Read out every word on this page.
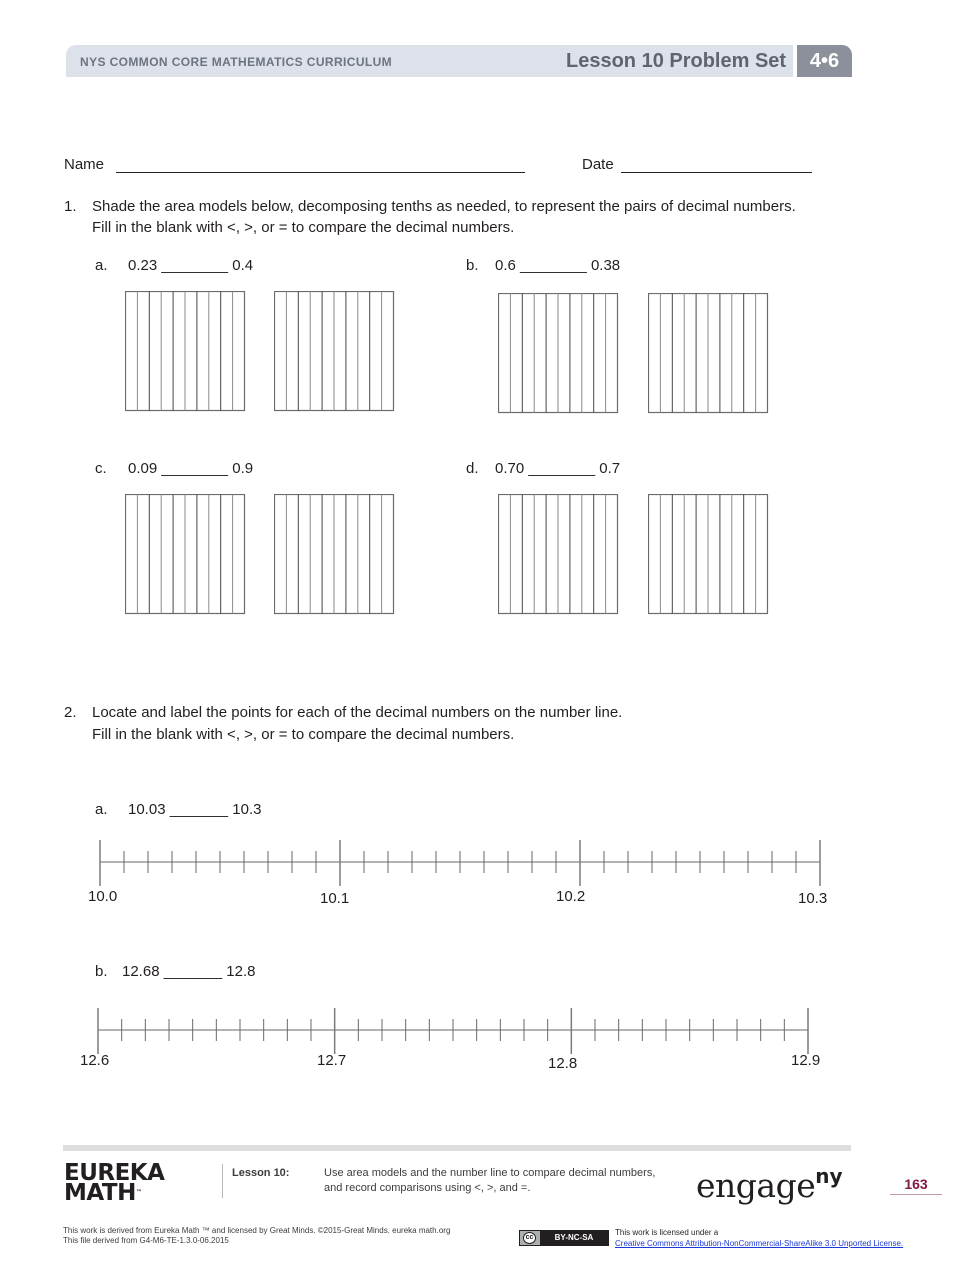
NYS COMMON CORE MATHEMATICS CURRICULUM	Lesson 10 Problem Set	4•6
Name	Date
1. Shade the area models below, decomposing tenths as needed, to represent the pairs of decimal numbers.
Fill in the blank with <, >, or = to compare the decimal numbers.
a. 0.23 ________ 0.4	b. 0.6 ________ 0.38
c. 0.09 ________ 0.9	d. 0.70 ________ 0.7
2. Locate and label the points for each of the decimal numbers on the number line.
Fill in the blank with <, >, or = to compare the decimal numbers.
a. 10.03 _______ 10.3
10.0	10.1	10.2	10.3
b. 12.68 _______ 12.8
12.6	12.7	12.8	12.9
EUREKA
MATH™
Lesson 10:	Use area models and the number line to compare decimal numbers,
and record comparisons using <, >, and =.	engage$^{ny}$	163
This work is derived from Eureka Math ™ and licensed by Great Minds. ©2015-Great Minds. eureka math.org
This file derived from G4-M6-TE-1.3.0-06.2015	cc	BY-NC-SA
This work is licensed under a
Creative Commons Attribution-NonCommercial-ShareAlike 3.0 Unported License.
